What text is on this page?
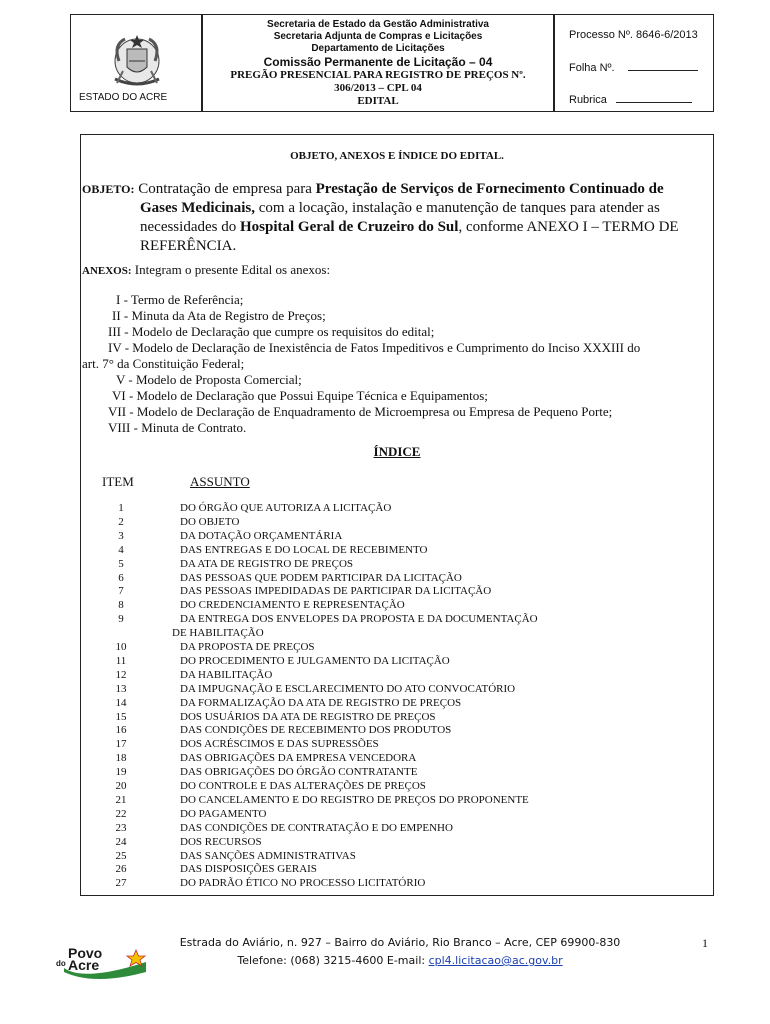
ESTADO DO ACRE
Secretaria de Estado da Gestão Administrativa
Secretaria Adjunta de Compras e Licitações
Departamento de Licitações
Comissão Permanente de Licitação – 04
PREGÃO PRESENCIAL PARA REGISTRO DE PREÇOS Nº.
306/2013 – CPL 04
EDITAL
Processo Nº. 8646-6/2013
Folha Nº.
Rubrica
OBJETO, ANEXOS E ÍNDICE DO EDITAL.
OBJETO: Contratação de empresa para Prestação de Serviços de Fornecimento Continuado de
Gases Medicinais, com a locação, instalação e manutenção de tanques para atender as
necessidades do Hospital Geral de Cruzeiro do Sul, conforme ANEXO I – TERMO DE
REFERÊNCIA.
ANEXOS: Integram o presente Edital os anexos:
I - Termo de Referência;
II - Minuta da Ata de Registro de Preços;
III - Modelo de Declaração que cumpre os requisitos do edital;
IV - Modelo de Declaração de Inexistência de Fatos Impeditivos e Cumprimento do Inciso XXXIII do
art. 7° da Constituição Federal;
V - Modelo de Proposta Comercial;
VI - Modelo de Declaração que Possui Equipe Técnica e Equipamentos;
VII - Modelo de Declaração de Enquadramento de Microempresa ou Empresa de Pequeno Porte;
VIII - Minuta de Contrato.
ÍNDICE
ITEM	ASSUNTO
1	DO ÓRGÃO QUE AUTORIZA A LICITAÇÃO
2	DO OBJETO
3	DA DOTAÇÃO ORÇAMENTÁRIA
4	DAS ENTREGAS E DO LOCAL DE RECEBIMENTO
5	DA ATA DE REGISTRO DE PREÇOS
6	DAS PESSOAS QUE PODEM PARTICIPAR DA LICITAÇÃO
7	DAS PESSOAS IMPEDIDADAS DE PARTICIPAR DA LICITAÇÃO
8	DO CREDENCIAMENTO E REPRESENTAÇÃO
9	DA ENTREGA DOS ENVELOPES DA PROPOSTA E DA DOCUMENTAÇÃO
DE HABILITAÇÃO
10	DA PROPOSTA DE PREÇOS
11	DO PROCEDIMENTO E JULGAMENTO DA LICITAÇÃO
12	DA HABILITAÇÃO
13	DA IMPUGNAÇÃO E ESCLARECIMENTO DO ATO CONVOCATÓRIO
14	DA FORMALIZAÇÃO DA ATA DE REGISTRO DE PREÇOS
15	DOS USUÁRIOS DA ATA DE REGISTRO DE PREÇOS
16	DAS CONDIÇÕES DE RECEBIMENTO DOS PRODUTOS
17	DOS ACRÉSCIMOS E DAS SUPRESSÕES
18	DAS OBRIGAÇÕES DA EMPRESA VENCEDORA
19	DAS OBRIGAÇÕES DO ÓRGÃO CONTRATANTE
20	DO CONTROLE E DAS ALTERAÇÕES DE PREÇOS
21	DO CANCELAMENTO E DO REGISTRO DE PREÇOS DO PROPONENTE
22	DO PAGAMENTO
23	DAS CONDIÇÕES DE CONTRATAÇÃO E DO EMPENHO
24	DOS RECURSOS
25	DAS SANÇÕES ADMINISTRATIVAS
26	DAS DISPOSIÇÕES GERAIS
27	DO PADRÃO ÉTICO NO PROCESSO LICITATÓRIO
Povo
do Acre
Estrada do Aviário, n. 927 – Bairro do Aviário, Rio Branco – Acre, CEP 69900-830
Telefone: (068) 3215-4600 E-mail: cpl4.licitacao@ac.gov.br
1
